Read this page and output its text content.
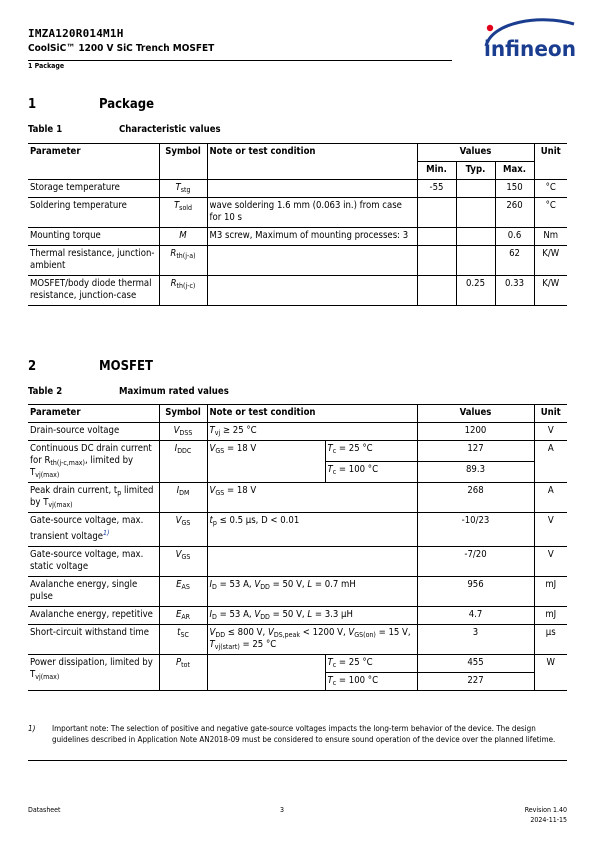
IMZA120R014M1H
CoolSiC™ 1200 V SiC Trench MOSFET
1 Package
infineon
1	Package
Table 1	Characteristic values
Parameter	Symbol	Note or test condition	Values			Unit
			Min.	Typ.	Max.	
Storage temperature	$T_{stg}$		-55		150	°C
Soldering temperature	$T_{sold}$	wave soldering 1.6 mm (0.063 in.) from case for 10 s			260	°C
Mounting torque	M	M3 screw, Maximum of mounting processes: 3			0.6	Nm
Thermal resistance, junction-ambient	$R_{th(j-a)}$				62	K/W
MOSFET/body diode thermal resistance, junction-case	$R_{th(j-c)}$			0.25	0.33	K/W
2	MOSFET
Table 2	Maximum rated values
Parameter	Symbol	Note or test condition		Values	Unit
Drain-source voltage	$V_{DSS}$	$T_{vj} \ge 25$ °C		1200	V
Continuous DC drain current for $R_{th(j-c,max)}$, limited by $T_{vj(max)}$	$I_{DDC}$	$V_{GS} = 18$ V	$T_c = 25$ °C	127	A
			$T_c = 100$ °C	89.3	
Peak drain current, $t_p$ limited by $T_{vj(max)}$	$I_{DM}$	$V_{GS} = 18$ V		268	A
Gate-source voltage, max. transient voltage$^{1)}$	$V_{GS}$	$t_p \le 0.5$ µs, D < 0.01		-10/23	V
Gate-source voltage, max. static voltage	$V_{GS}$			-7/20	V
Avalanche energy, single pulse	$E_{AS}$	$I_D = 53$ A, $V_{DD} = 50$ V, L = 0.7 mH		956	mJ
Avalanche energy, repetitive	$E_{AR}$	$I_D = 53$ A, $V_{DD} = 50$ V, L = 3.3 µH		4.7	mJ
Short-circuit withstand time	$t_{SC}$	$V_{DD} \le 800$ V, $V_{DS,peak} < 1200$ V, $V_{GS(on)} = 15$ V, $T_{vj(start)} = 25$ °C		3	µs
Power dissipation, limited by $T_{vj(max)}$	$P_{tot}$		$T_c = 25$ °C	455	W
			$T_c = 100$ °C	227	
1) Important note: The selection of positive and negative gate-source voltages impacts the long-term behavior of the device. The design guidelines described in Application Note AN2018-09 must be considered to ensure sound operation of the device over the planned lifetime.
Datasheet	3	Revision 1.40
2024-11-15
